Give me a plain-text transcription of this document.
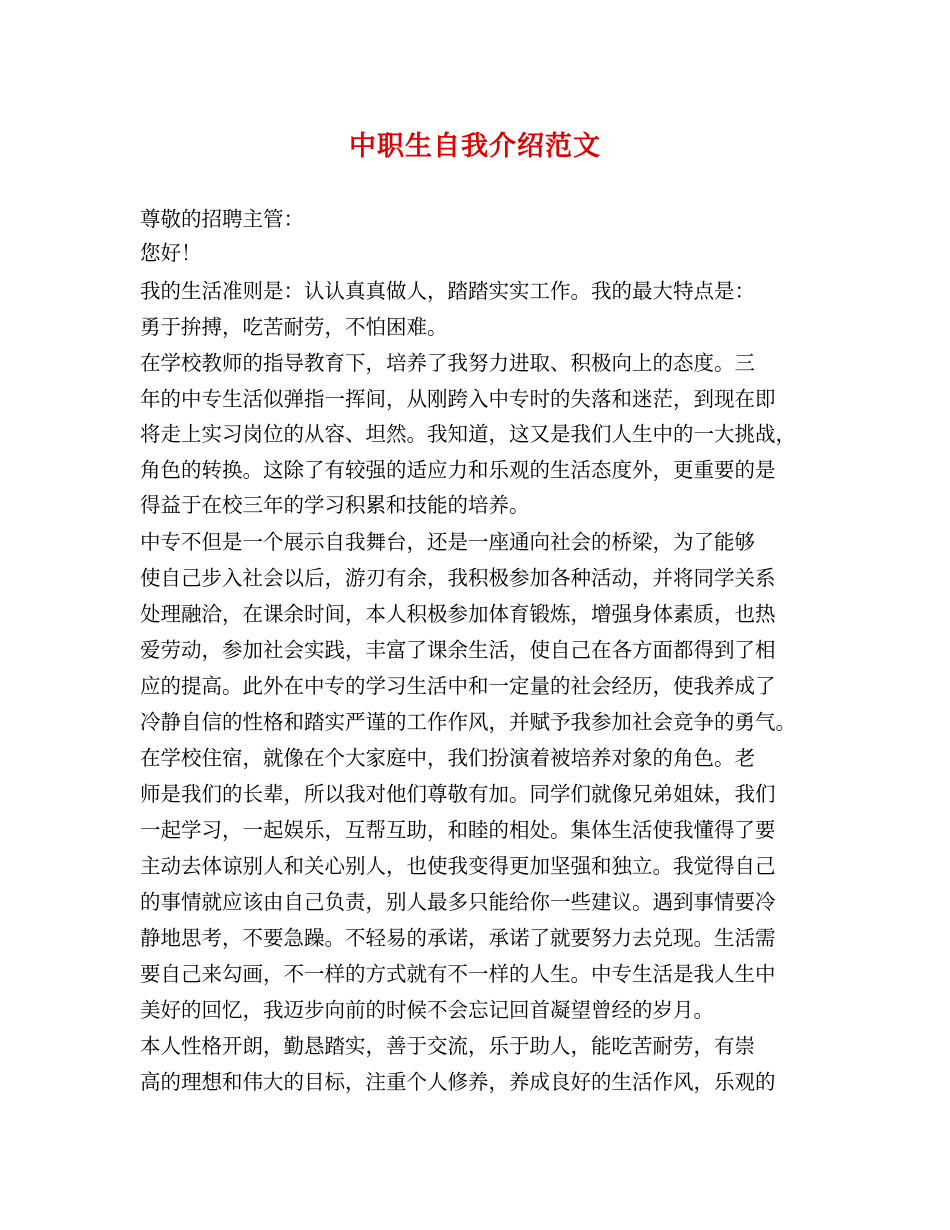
中职生自我介绍范文
尊敬的招聘主管：
您好！
我的生活准则是：认认真真做人，踏踏实实工作。我的最大特点是：
勇于拚搏，吃苦耐劳，不怕困难。
在学校教师的指导教育下，培养了我努力进取、积极向上的态度。三
年的中专生活似弹指一挥间，从刚跨入中专时的失落和迷茫，到现在即
将走上实习岗位的从容、坦然。我知道，这又是我们人生中的一大挑战，
角色的转换。这除了有较强的适应力和乐观的生活态度外，更重要的是
得益于在校三年的学习积累和技能的培养。
中专不但是一个展示自我舞台，还是一座通向社会的桥梁，为了能够
使自己步入社会以后，游刃有余，我积极参加各种活动，并将同学关系
处理融洽，在课余时间，本人积极参加体育锻炼，增强身体素质，也热
爱劳动，参加社会实践，丰富了课余生活，使自己在各方面都得到了相
应的提高。此外在中专的学习生活中和一定量的社会经历，使我养成了
冷静自信的性格和踏实严谨的工作作风，并赋予我参加社会竞争的勇气。
在学校住宿，就像在个大家庭中，我们扮演着被培养对象的角色。老
师是我们的长辈，所以我对他们尊敬有加。同学们就像兄弟姐妹，我们
一起学习，一起娱乐，互帮互助，和睦的相处。集体生活使我懂得了要
主动去体谅别人和关心别人，也使我变得更加坚强和独立。我觉得自己
的事情就应该由自己负责，别人最多只能给你一些建议。遇到事情要冷
静地思考，不要急躁。不轻易的承诺，承诺了就要努力去兑现。生活需
要自己来勾画，不一样的方式就有不一样的人生。中专生活是我人生中
美好的回忆，我迈步向前的时候不会忘记回首凝望曾经的岁月。
本人性格开朗，勤恳踏实，善于交流，乐于助人，能吃苦耐劳，有崇
高的理想和伟大的目标，注重个人修养，养成良好的生活作风，乐观的
